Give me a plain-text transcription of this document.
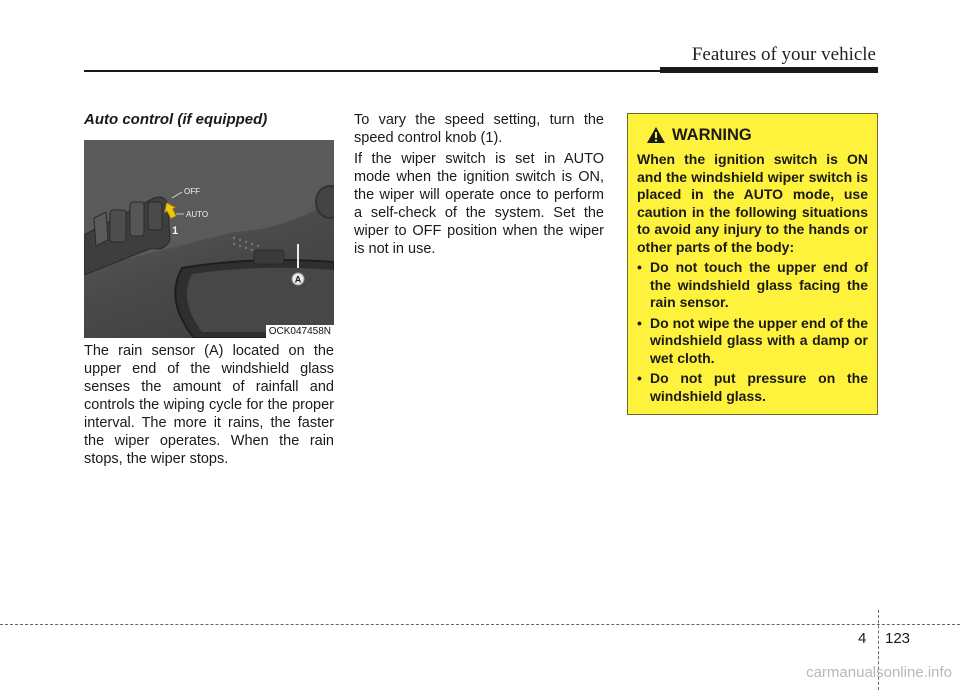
Features of your vehicle
Auto control (if equipped)
A
OFF
AUTO
1
OCK047458N

The rain sensor (A) located on the upper end of the windshield glass senses the amount of rainfall and controls the wiping cycle for the proper interval. The more it rains, the faster the wiper operates. When the rain stops, the wiper stops.

To vary the speed setting, turn the speed control knob (1).

If the wiper switch is set in AUTO mode when the ignition switch is ON, the wiper will operate once to perform a self-check of the system. Set the wiper to OFF position when the wiper is not in use.

WARNING

When the ignition switch is ON and the windshield wiper switch is placed in the AUTO mode, use caution in the following situations to avoid any injury to the hands or other parts of the body:

• Do not touch the upper end of the windshield glass facing the rain sensor.
• Do not wipe the upper end of the windshield glass with a damp or wet cloth.
• Do not put pressure on the windshield glass.
4 123
carmanualsonline.info
